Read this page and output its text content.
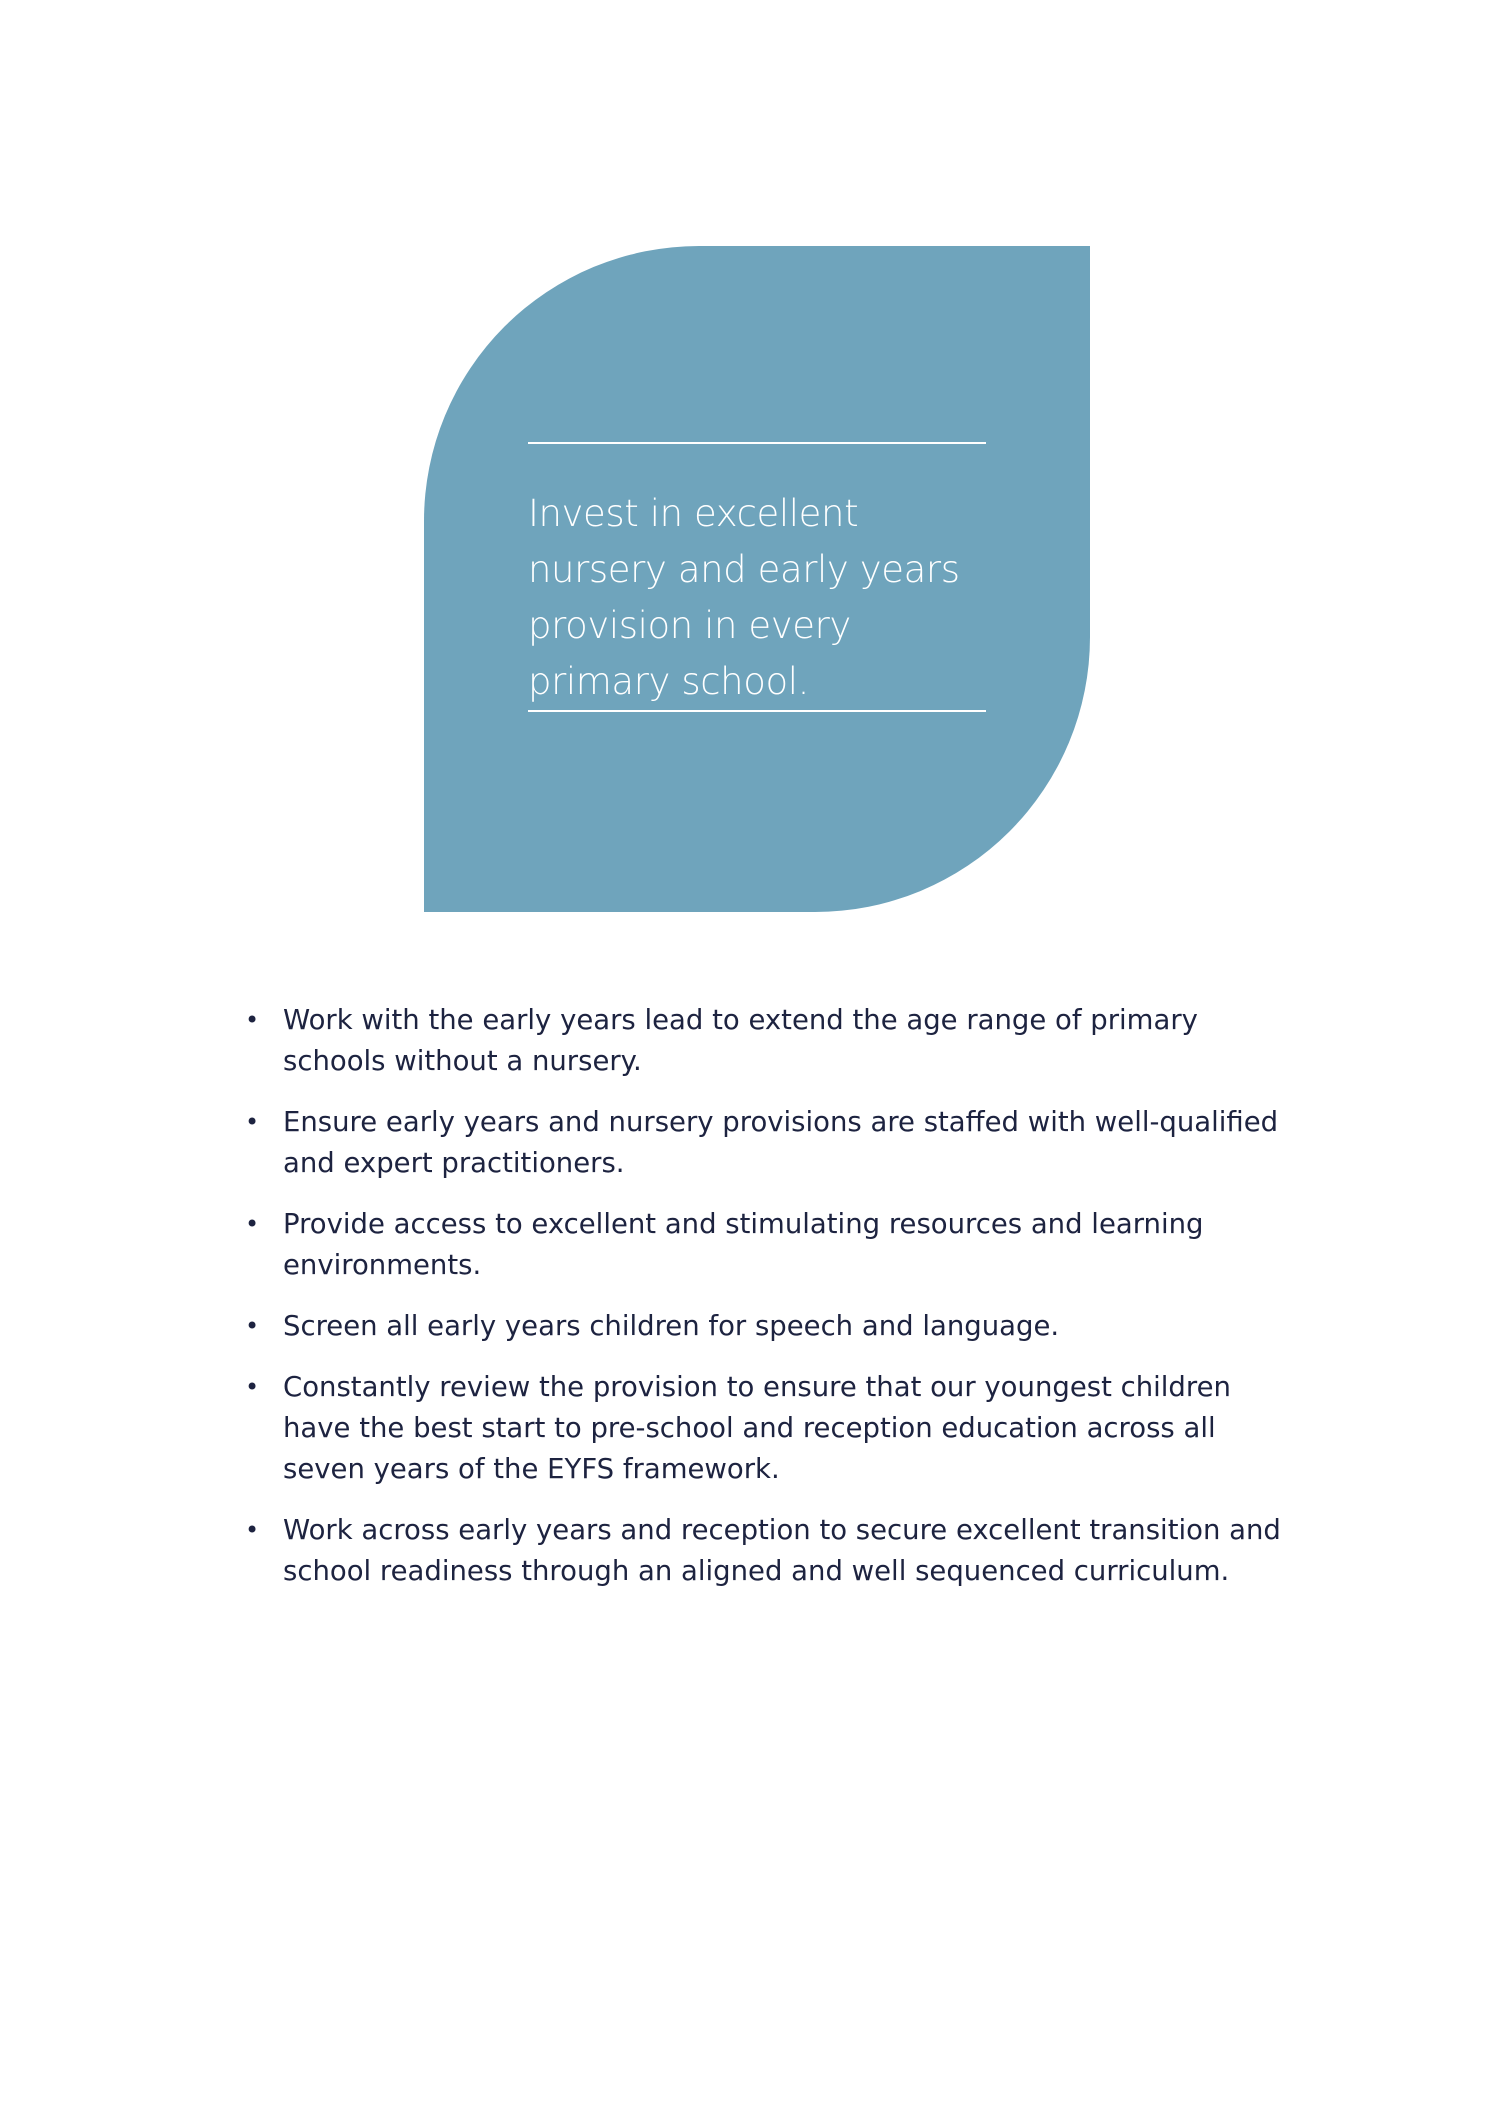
Invest in excellent nursery and early years provision in every primary school.

• Work with the early years lead to extend the age range of primary schools without a nursery.
• Ensure early years and nursery provisions are staffed with well-qualified and expert practitioners.
• Provide access to excellent and stimulating resources and learning environments.
• Screen all early years children for speech and language.
• Constantly review the provision to ensure that our youngest children have the best start to pre-school and reception education across all seven years of the EYFS framework.
• Work across early years and reception to secure excellent transition and school readiness through an aligned and well sequenced curriculum.
